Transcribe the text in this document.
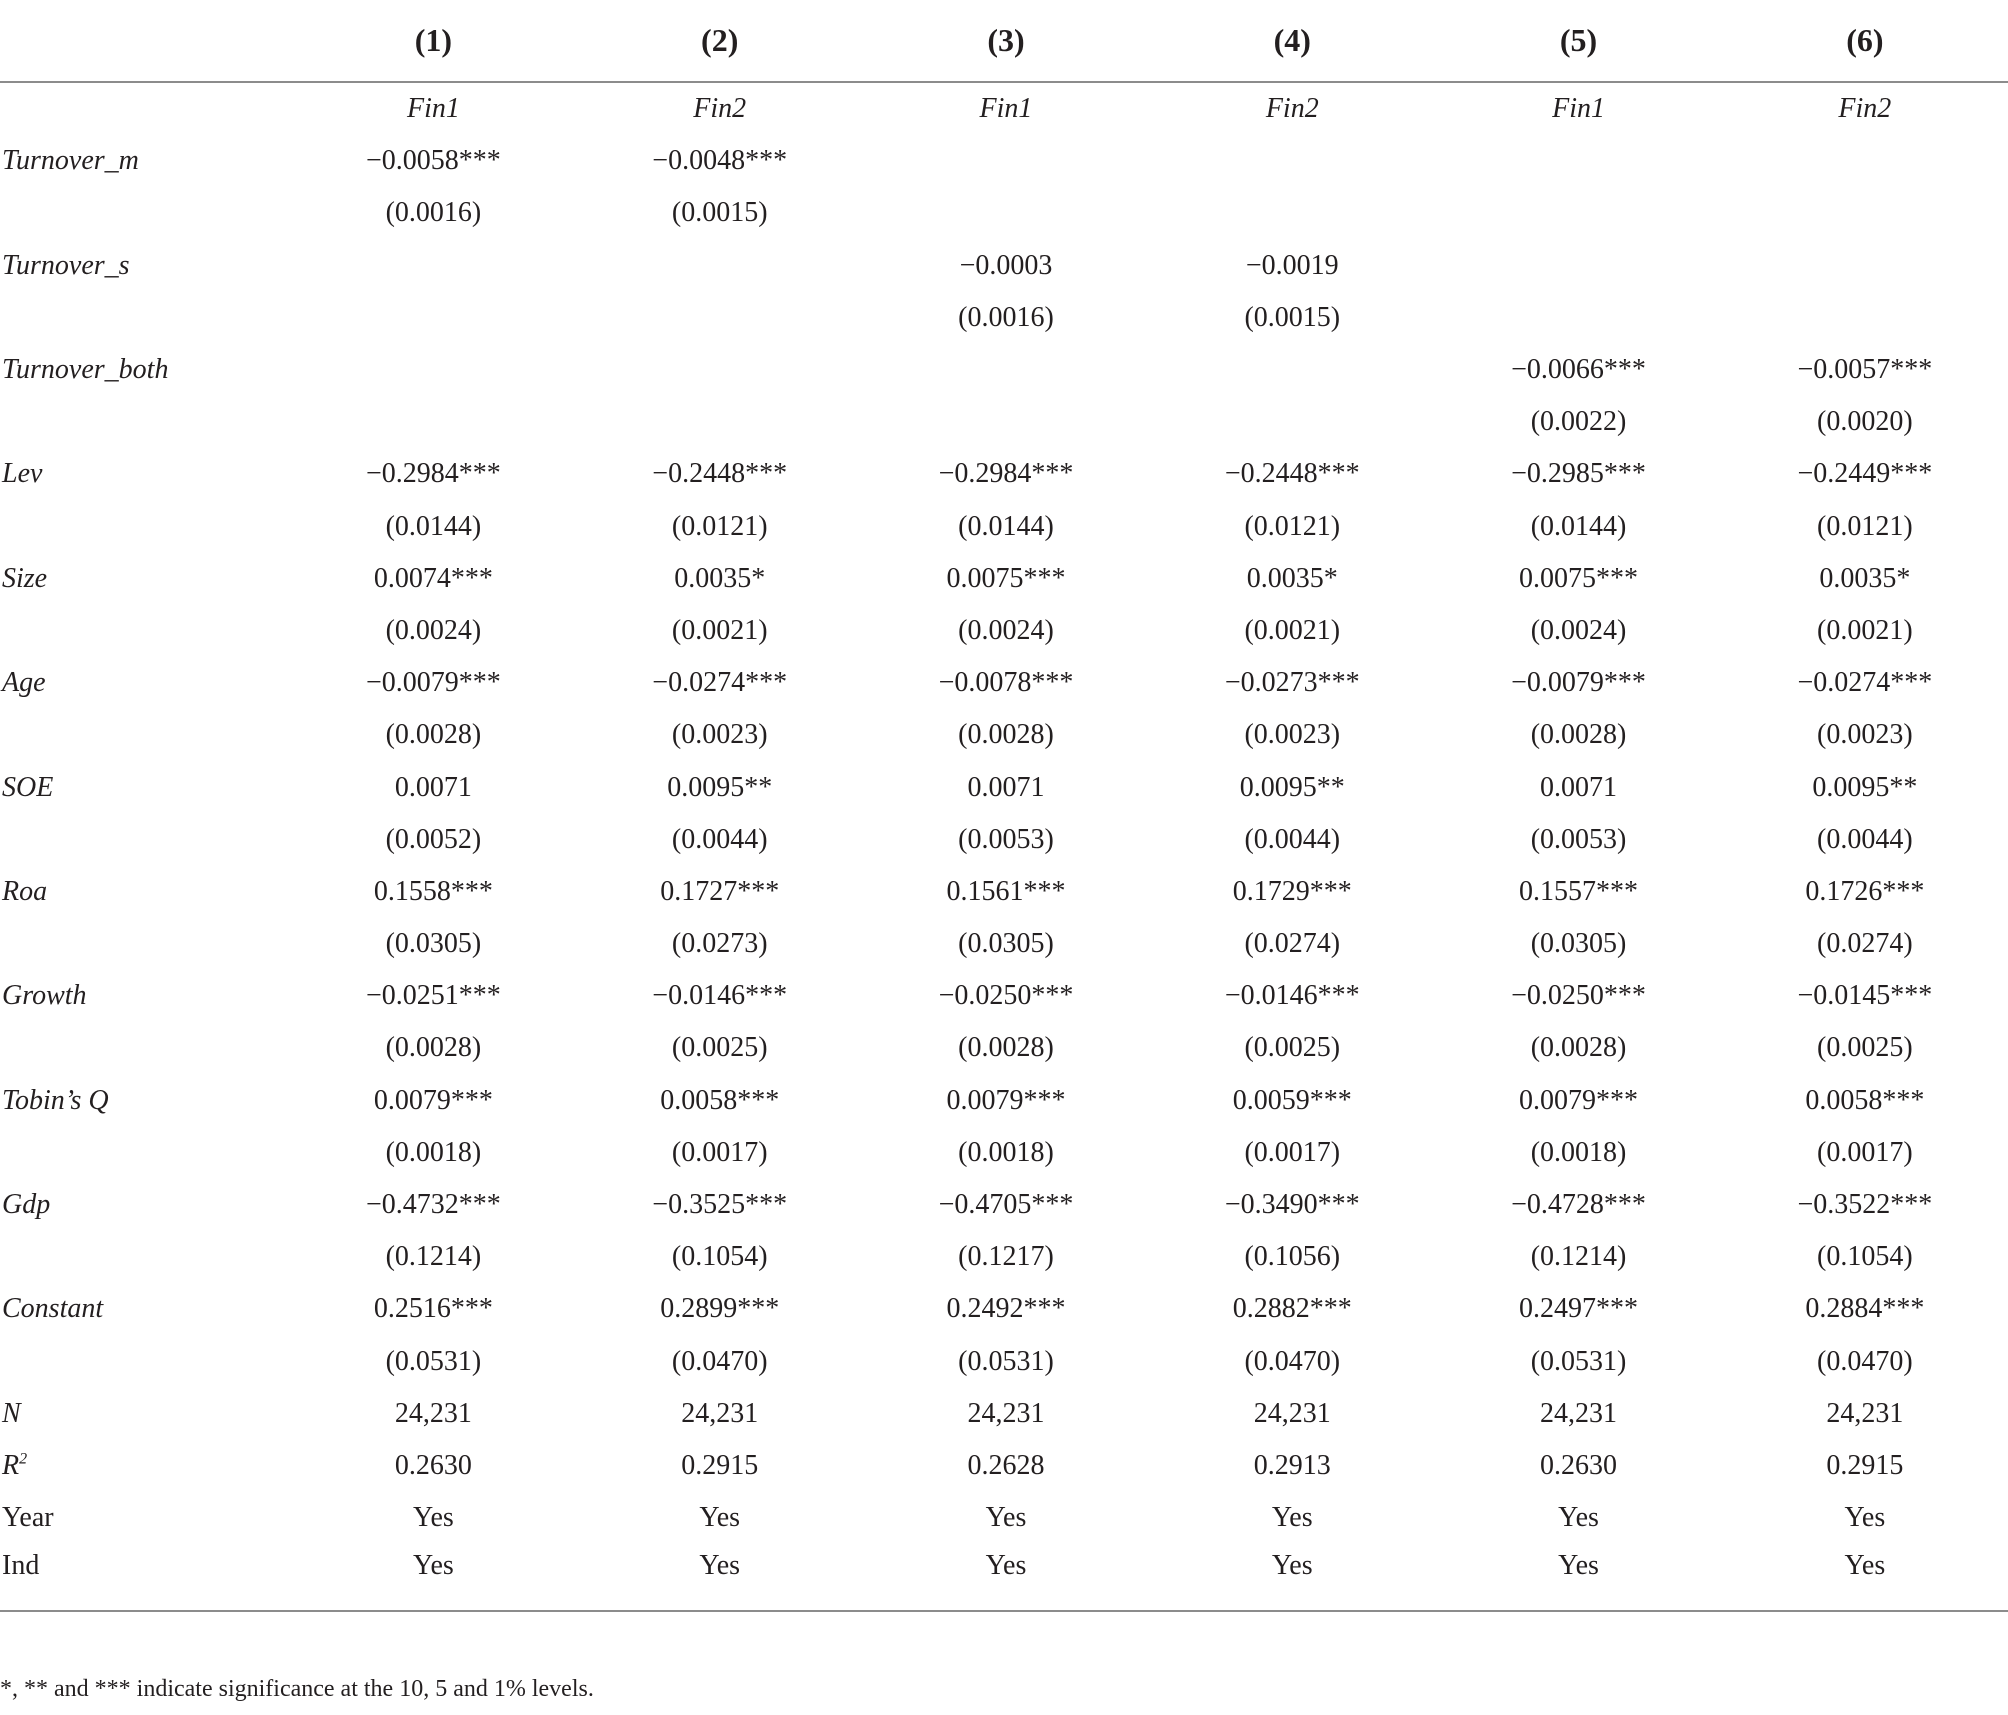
	(1)	(2)	(3)	(4)	(5)	(6)
	Fin1	Fin2	Fin1	Fin2	Fin1	Fin2
Turnover_m	−0.0058***	−0.0048***				
	(0.0016)	(0.0015)				
Turnover_s			−0.0003	−0.0019		
			(0.0016)	(0.0015)		
Turnover_both					−0.0066***	−0.0057***
					(0.0022)	(0.0020)
Lev	−0.2984***	−0.2448***	−0.2984***	−0.2448***	−0.2985***	−0.2449***
	(0.0144)	(0.0121)	(0.0144)	(0.0121)	(0.0144)	(0.0121)
Size	0.0074***	0.0035*	0.0075***	0.0035*	0.0075***	0.0035*
	(0.0024)	(0.0021)	(0.0024)	(0.0021)	(0.0024)	(0.0021)
Age	−0.0079***	−0.0274***	−0.0078***	−0.0273***	−0.0079***	−0.0274***
	(0.0028)	(0.0023)	(0.0028)	(0.0023)	(0.0028)	(0.0023)
SOE	0.0071	0.0095**	0.0071	0.0095**	0.0071	0.0095**
	(0.0052)	(0.0044)	(0.0053)	(0.0044)	(0.0053)	(0.0044)
Roa	0.1558***	0.1727***	0.1561***	0.1729***	0.1557***	0.1726***
	(0.0305)	(0.0273)	(0.0305)	(0.0274)	(0.0305)	(0.0274)
Growth	−0.0251***	−0.0146***	−0.0250***	−0.0146***	−0.0250***	−0.0145***
	(0.0028)	(0.0025)	(0.0028)	(0.0025)	(0.0028)	(0.0025)
Tobin’s Q	0.0079***	0.0058***	0.0079***	0.0059***	0.0079***	0.0058***
	(0.0018)	(0.0017)	(0.0018)	(0.0017)	(0.0018)	(0.0017)
Gdp	−0.4732***	−0.3525***	−0.4705***	−0.3490***	−0.4728***	−0.3522***
	(0.1214)	(0.1054)	(0.1217)	(0.1056)	(0.1214)	(0.1054)
Constant	0.2516***	0.2899***	0.2492***	0.2882***	0.2497***	0.2884***
	(0.0531)	(0.0470)	(0.0531)	(0.0470)	(0.0531)	(0.0470)
N	24,231	24,231	24,231	24,231	24,231	24,231
$R^2$	0.2630	0.2915	0.2628	0.2913	0.2630	0.2915
Year	Yes	Yes	Yes	Yes	Yes	Yes
Ind	Yes	Yes	Yes	Yes	Yes	Yes
*, ** and *** indicate significance at the 10, 5 and 1% levels.
